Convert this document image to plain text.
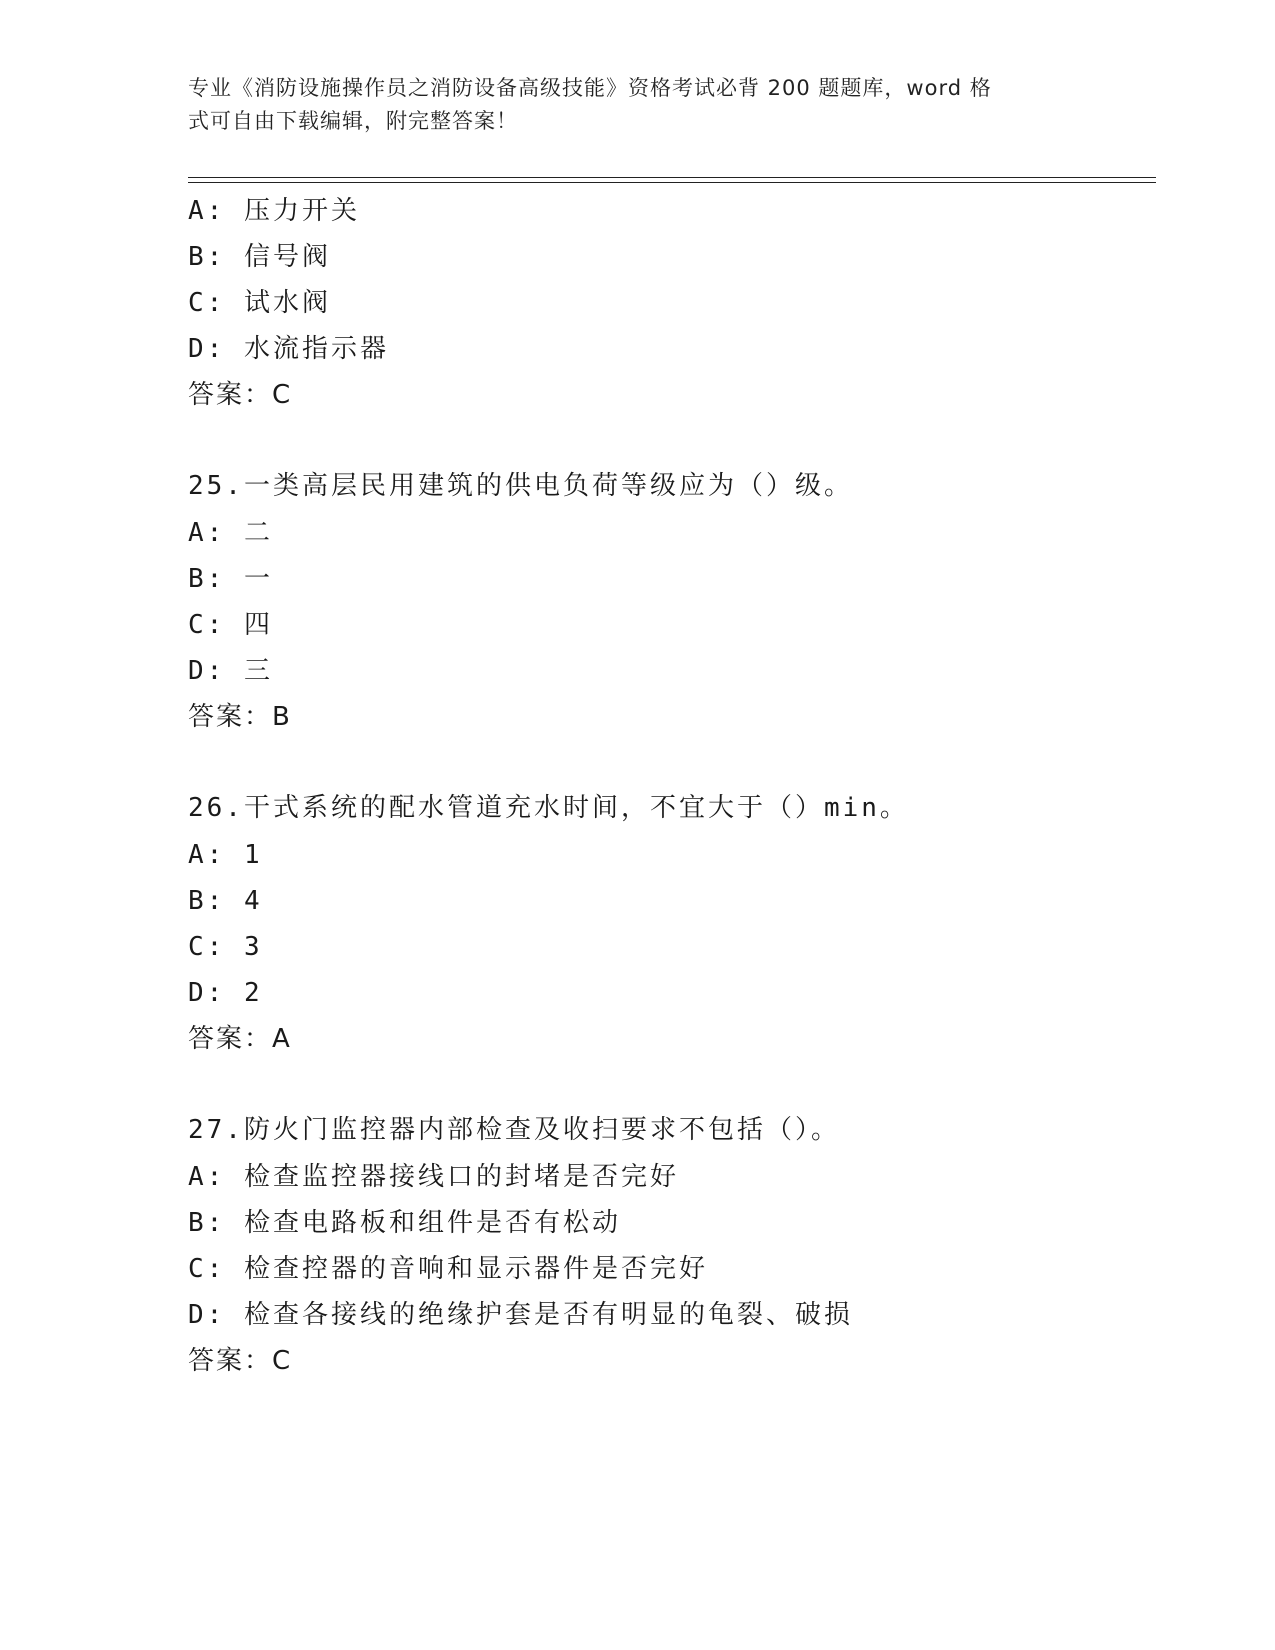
专业《消防设施操作员之消防设备高级技能》资格考试必背 200 题题库，word 格
式可自由下载编辑，附完整答案！
A: 压力开关
B: 信号阀
C: 试水阀
D: 水流指示器
答案：C
25.一类高层民用建筑的供电负荷等级应为（）级。
A: 二
B: 一
C: 四
D: 三
答案：B
26.干式系统的配水管道充水时间，不宜大于（）min。
A: 1
B: 4
C: 3
D: 2
答案：A
27.防火门监控器内部检查及收扫要求不包括（）。
A: 检查监控器接线口的封堵是否完好
B: 检查电路板和组件是否有松动
C: 检查控器的音响和显示器件是否完好
D: 检查各接线的绝缘护套是否有明显的龟裂、破损
答案：C
